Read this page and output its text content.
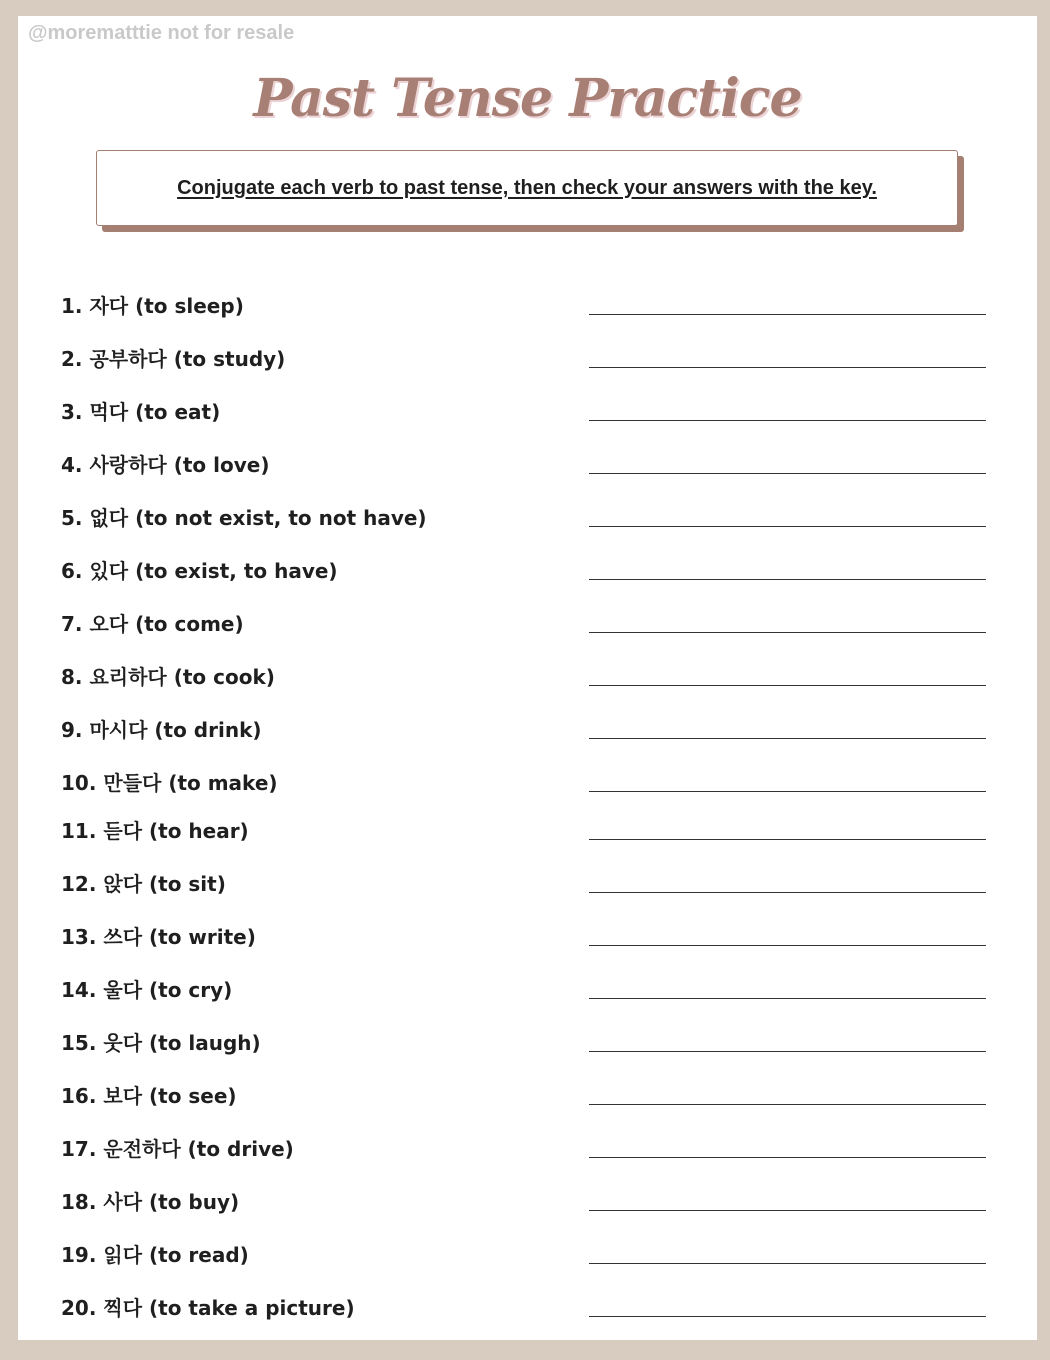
@morematttie not for resale
Past Tense Practice
Conjugate each verb to past tense, then check your answers with the key.
1. 자다 (to sleep)
2. 공부하다 (to study)
3. 먹다 (to eat)
4. 사랑하다 (to love)
5. 없다 (to not exist, to not have)
6. 있다 (to exist, to have)
7. 오다 (to come)
8. 요리하다 (to cook)
9. 마시다 (to drink)
10. 만들다 (to make)
11. 듣다 (to hear)
12. 앉다 (to sit)
13. 쓰다 (to write)
14. 울다 (to cry)
15. 웃다 (to laugh)
16. 보다 (to see)
17. 운전하다 (to drive)
18. 사다 (to buy)
19. 읽다 (to read)
20. 찍다 (to take a picture)
